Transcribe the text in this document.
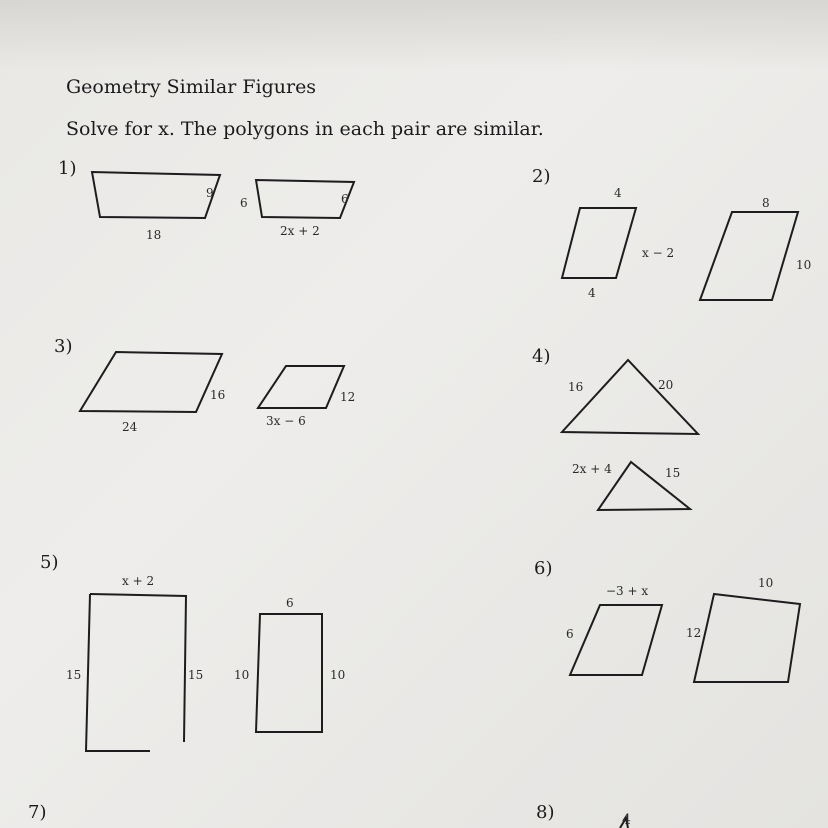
Geometry Similar Figures
Solve for x. The polygons in each pair are similar.
1)	2)
3)	4)
5)	6)
7)	8)
9
18
6	6
2x + 2
4
x − 2
4
8
10
16
24
12
3x − 6
16	20
2x + 4	15
x + 2
15	15
6
10	10
−3 + x
6
10
12
4
